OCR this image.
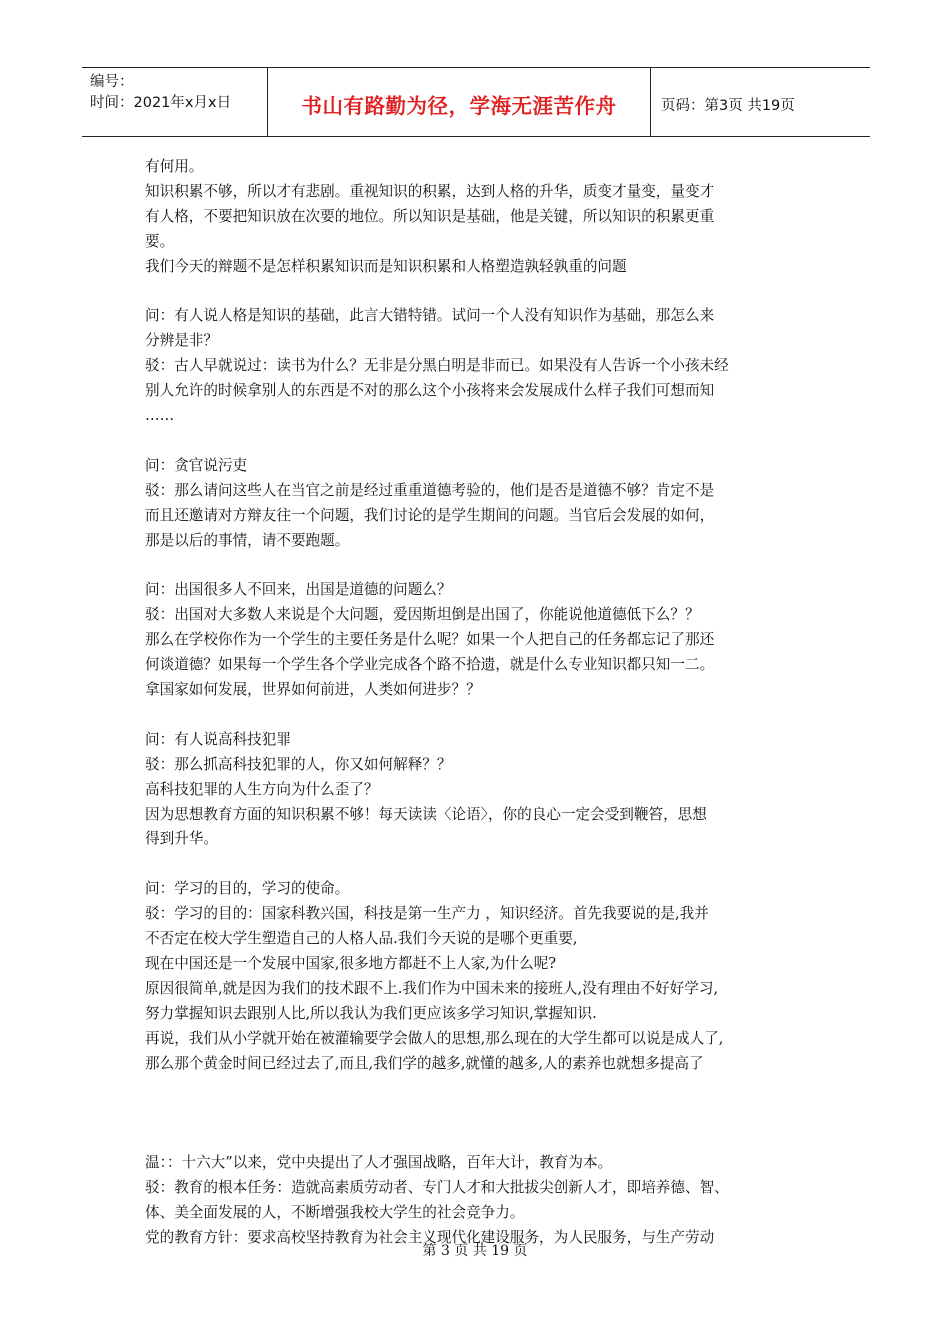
编号：
时间：2021年x月x日	书山有路勤为径，学海无涯苦作舟	页码：第3页 共19页

有何用。

知识积累不够，所以才有悲剧。重视知识的积累，达到人格的升华，质变才量变，量变才

有人格，不要把知识放在次要的地位。所以知识是基础，他是关键，所以知识的积累更重

要。

我们今天的辩题不是怎样积累知识而是知识积累和人格塑造孰轻孰重的问题

问：有人说人格是知识的基础，此言大错特错。试问一个人没有知识作为基础，那怎么来

分辨是非？

驳：古人早就说过：读书为什么？无非是分黑白明是非而已。如果没有人告诉一个小孩未经

别人允许的时候拿别人的东西是不对的那么这个小孩将来会发展成什么样子我们可想而知

……

问：贪官说污吏

驳：那么请问这些人在当官之前是经过重重道德考验的，他们是否是道德不够？肯定不是

而且还邀请对方辩友往一个问题，我们讨论的是学生期间的问题。当官后会发展的如何，

那是以后的事情，请不要跑题。

问：出国很多人不回来，出国是道德的问题么？

驳：出国对大多数人来说是个大问题，爱因斯坦倒是出国了，你能说他道德低下么？？

那么在学校你作为一个学生的主要任务是什么呢？如果一个人把自己的任务都忘记了那还

何谈道德？如果每一个学生各个学业完成各个路不拾遗，就是什么专业知识都只知一二。

拿国家如何发展，世界如何前进，人类如何进步？？

问：有人说高科技犯罪

驳：那么抓高科技犯罪的人，你又如何解释？？

高科技犯罪的人生方向为什么歪了？

因为思想教育方面的知识积累不够！每天读读〈论语〉，你的良心一定会受到鞭笞，思想

得到升华。

问：学习的目的，学习的使命。

驳：学习的目的：国家科教兴国，科技是第一生产力 ，知识经济。首先我要说的是,我并

不否定在校大学生塑造自己的人格人品.我们今天说的是哪个更重要,

现在中国还是一个发展中国家,很多地方都赶不上人家,为什么呢?

原因很简单,就是因为我们的技术跟不上.我们作为中国未来的接班人,没有理由不好好学习,

努力掌握知识去跟别人比,所以我认为我们更应该多学习知识,掌握知识.

再说，我们从小学就开始在被灌输要学会做人的思想,那么现在的大学生都可以说是成人了,

那么那个黄金时间已经过去了,而且,我们学的越多,就懂的越多,人的素养也就想多提高了

温：：十六大”以来，党中央提出了人才强国战略，百年大计，教育为本。

驳：教育的根本任务：造就高素质劳动者、专门人才和大批拔尖创新人才，即培养德、智、

体、美全面发展的人，不断增强我校大学生的社会竞争力。

党的教育方针：要求高校坚持教育为社会主义现代化建设服务，为人民服务，与生产劳动

第 3 页 共 19 页
